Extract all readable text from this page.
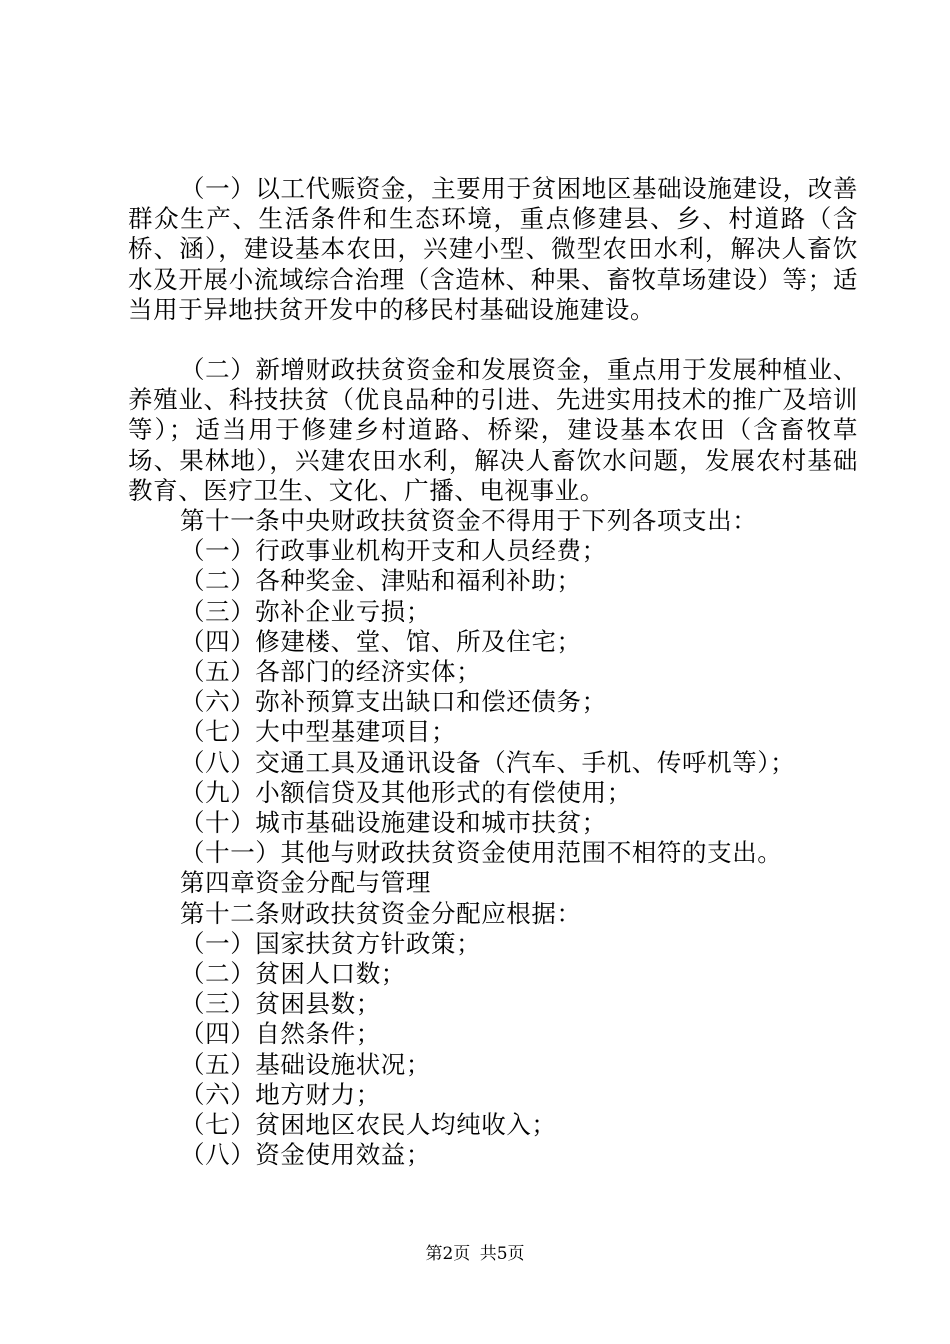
（一）以工代赈资金，主要用于贫困地区基础设施建设，改善群众生产、生活条件和生态环境，重点修建县、乡、村道路（含桥、涵），建设基本农田，兴建小型、微型农田水利，解决人畜饮水及开展小流域综合治理（含造林、种果、畜牧草场建设）等；适当用于异地扶贫开发中的移民村基础设施建设。

（二）新增财政扶贫资金和发展资金，重点用于发展种植业、养殖业、科技扶贫（优良品种的引进、先进实用技术的推广及培训等）；适当用于修建乡村道路、桥梁，建设基本农田（含畜牧草场、果林地），兴建农田水利，解决人畜饮水问题，发展农村基础教育、医疗卫生、文化、广播、电视事业。

第十一条中央财政扶贫资金不得用于下列各项支出：

（一）行政事业机构开支和人员经费；

（二）各种奖金、津贴和福利补助；

（三）弥补企业亏损；

（四）修建楼、堂、馆、所及住宅；

（五）各部门的经济实体；

（六）弥补预算支出缺口和偿还债务；

（七）大中型基建项目；

（八）交通工具及通讯设备（汽车、手机、传呼机等）；

（九）小额信贷及其他形式的有偿使用；

（十）城市基础设施建设和城市扶贫；

（十一）其他与财政扶贫资金使用范围不相符的支出。

第四章资金分配与管理

第十二条财政扶贫资金分配应根据：

（一）国家扶贫方针政策；

（二）贫困人口数；

（三）贫困县数；

（四）自然条件；

（五）基础设施状况；

（六）地方财力；

（七）贫困地区农民人均纯收入；

（八）资金使用效益；

第2页 共5页
